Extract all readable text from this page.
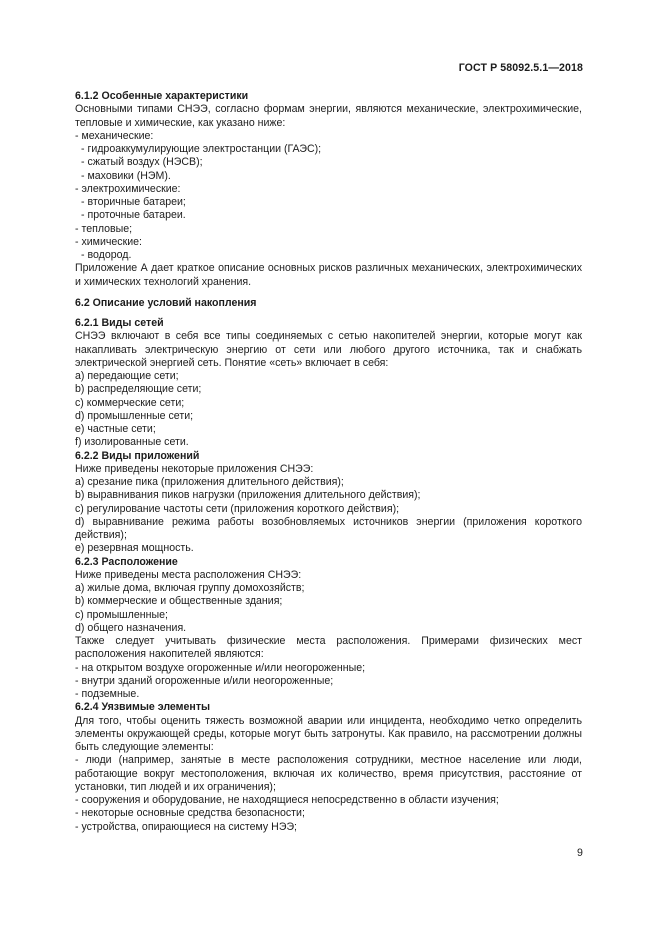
ГОСТ Р 58092.5.1—2018

6.1.2 Особенные характеристики

Основными типами СНЭЭ, согласно формам энергии, являются механические, электрохимические, тепловые и химические, как указано ниже:

- механические:

- гидроаккумулирующие электростанции (ГАЭС);

- сжатый воздух (НЭСВ);

- маховики (НЭМ).

- электрохимические:

- вторичные батареи;

- проточные батареи.

- тепловые;

- химические:

- водород.

Приложение А дает краткое описание основных рисков различных механических, электрохимических и химических технологий хранения.

6.2 Описание условий накопления

6.2.1 Виды сетей

СНЭЭ включают в себя все типы соединяемых с сетью накопителей энергии, которые могут как накапливать электрическую энергию от сети или любого другого источника, так и снабжать электрической энергией сеть. Понятие «сеть» включает в себя:

a) передающие сети;

b) распределяющие сети;

c) коммерческие сети;

d) промышленные сети;

e) частные сети;

f) изолированные сети.

6.2.2 Виды приложений

Ниже приведены некоторые приложения СНЭЭ:

a) срезание пика (приложения длительного действия);

b) выравнивания пиков нагрузки (приложения длительного действия);

c) регулирование частоты сети (приложения короткого действия);

d) выравнивание режима работы возобновляемых источников энергии (приложения короткого действия);

e) резервная мощность.

6.2.3 Расположение

Ниже приведены места расположения СНЭЭ:

a) жилые дома, включая группу домохозяйств;

b) коммерческие и общественные здания;

c) промышленные;

d) общего назначения.

Также следует учитывать физические места расположения. Примерами физических мест расположения накопителей являются:

- на открытом воздухе огороженные и/или неогороженные;

- внутри зданий огороженные и/или неогороженные;

- подземные.

6.2.4 Уязвимые элементы

Для того, чтобы оценить тяжесть возможной аварии или инцидента, необходимо четко определить элементы окружающей среды, которые могут быть затронуты. Как правило, на рассмотрении должны быть следующие элементы:

- люди (например, занятые в месте расположения сотрудники, местное население или люди, работающие вокруг местоположения, включая их количество, время присутствия, расстояние от установки, тип людей и их ограничения);

- сооружения и оборудование, не находящиеся непосредственно в области изучения;

- некоторые основные средства безопасности;

- устройства, опирающиеся на систему НЭЭ;

9
